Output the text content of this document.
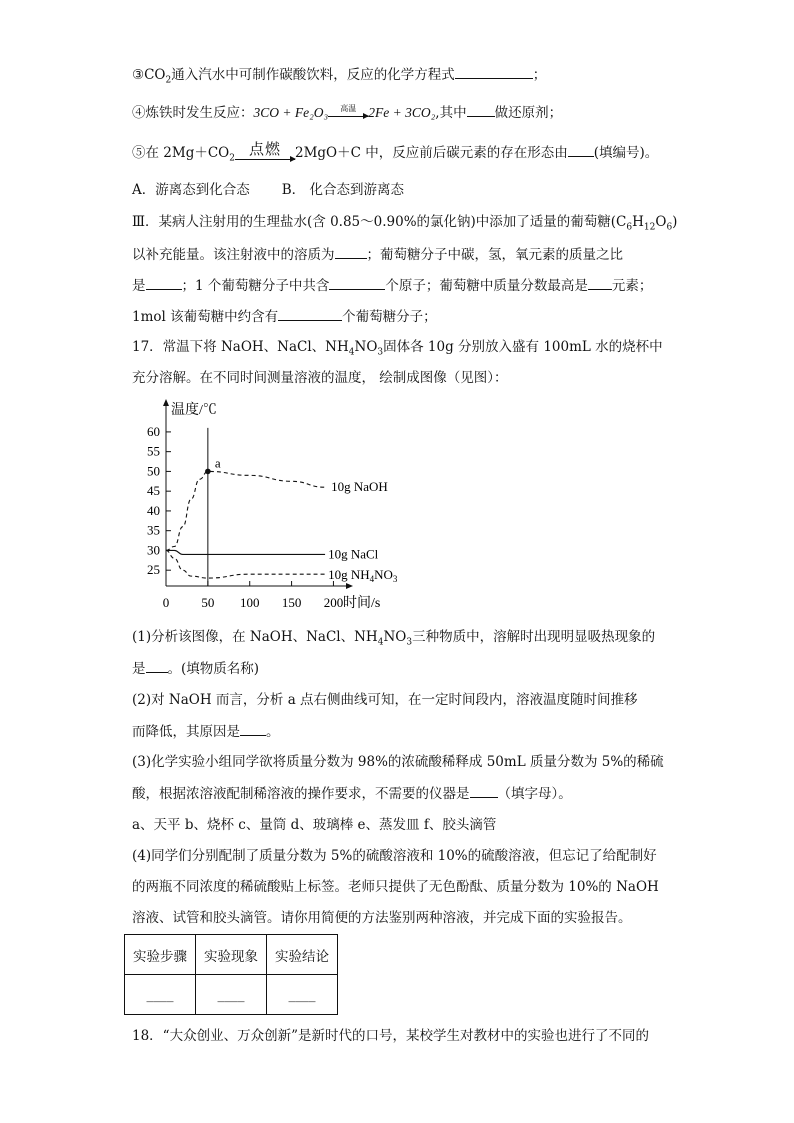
$③CO_2$通入汽水中可制作碳酸饮料，反应的化学方程式	；
④炼铁时发生反应：3CO + Fe₂O₃	高温 2Fe + 3CO₂,其中 做还原剂；
⑤在 $2Mg+CO_2$
点燃	2MgO＋C 中，反应前后碳元素的存在形态由 (填编号)。
A．游离态到化合态 B． 化合态到游离态
Ⅲ．某病人注射用的生理盐水(含 0.85～0.90%的氯化钠)中添加了适量的葡萄糖$(C_6H_{12}O_6)$
以补充能量。该注射液中的溶质为 ；葡萄糖分子中碳，氢，氧元素的质量之比
是	；1 个葡萄糖分子中共含	个原子；葡萄糖中质量分数最高是 元素；
1mol 该葡萄糖中约含有	个葡萄糖分子；
17．常温下将 NaOH、NaCl、$NH_4NO_3$固体各 10g 分别放入盛有 100mL 水的烧杯中
充分溶解。在不同时间测量溶液的温度， 绘制成图像（见图）：
25
30
35
40
45
50
55
60
0 50 100 150 200
温度/℃
时间/s
a
10g NaOH
10g NaCl
10g $NH_4NO_3$
(1)分析该图像，在 NaOH、NaCl、$NH_4NO_3$三种物质中，溶解时出现明显吸热现象的
是 。(填物质名称)
(2)对 NaOH 而言，分析 a 点右侧曲线可知，在一定时间段内，溶液温度随时间推移
而降低，其原因是 。
(3)化学实验小组同学欲将质量分数为 98%的浓硫酸稀释成 50mL 质量分数为 5%的稀硫
酸，根据浓溶液配制稀溶液的操作要求，不需要的仪器是 （填字母）。
a、天平 b、烧杯 c、量筒 d、玻璃棒 e、蒸发皿 f、胶头滴管
(4)同学们分别配制了质量分数为 5%的硫酸溶液和 10%的硫酸溶液，但忘记了给配制好
的两瓶不同浓度的稀硫酸贴上标签。老师只提供了无色酚酞、质量分数为 10%的 NaOH
溶液、试管和胶头滴管。请你用简便的方法鉴别两种溶液，并完成下面的实验报告。
实验步骤	实验现象	实验结论
____	____	____
18．“大众创业、万众创新”是新时代的口号，某校学生对教材中的实验也进行了不同的
